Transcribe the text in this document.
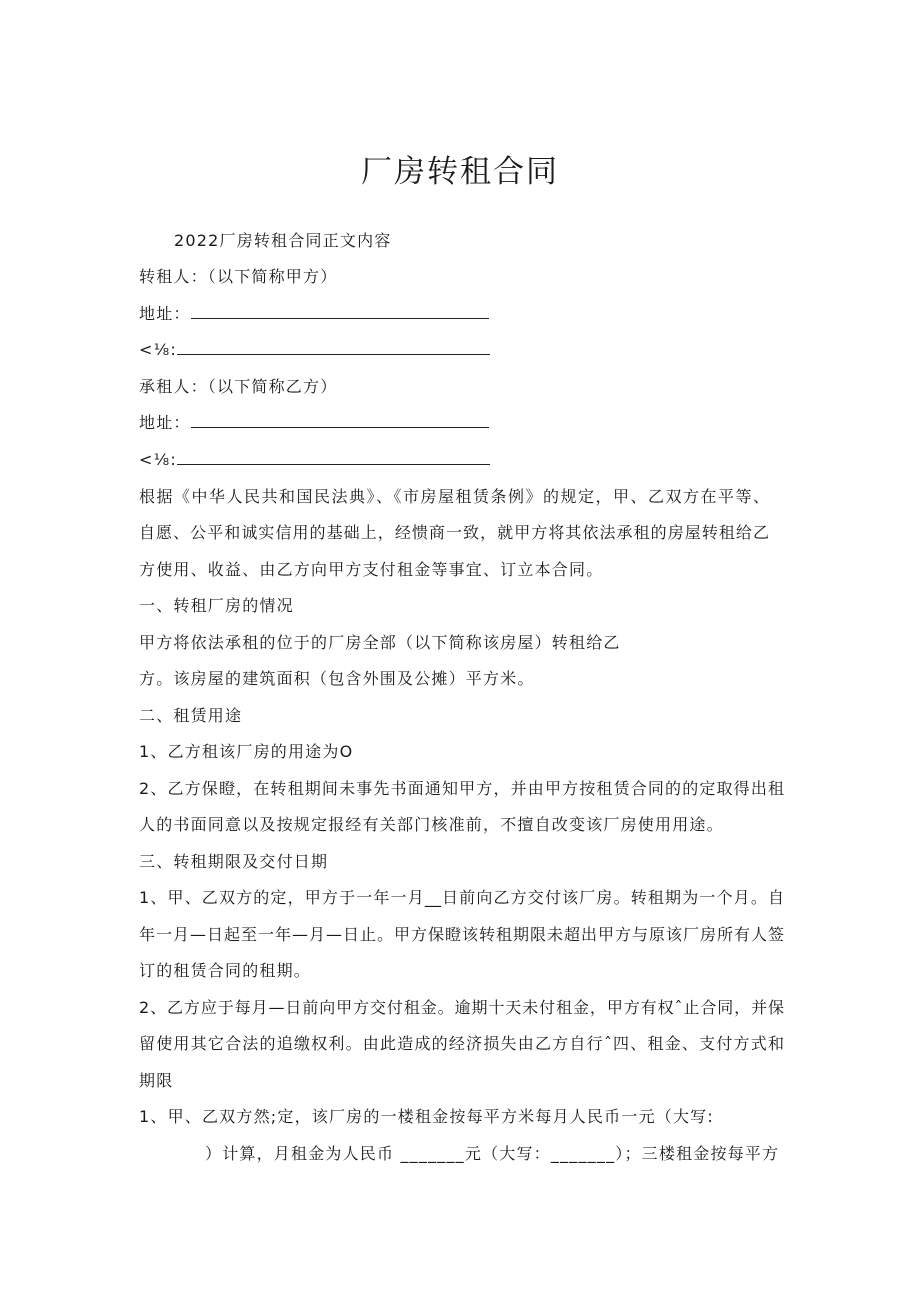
厂房转租合同
2022厂房转租合同正文内容
转租人：（以下简称甲方）
地址：
<⅛:
承租人：（以下简称乙方）
地址：
<⅛:
根据《中华人民共和国民法典》、《市房屋租赁条例》的规定，甲、乙双方在平等、
自愿、公平和诚实信用的基础上，经愦商一致，就甲方将其依法承租的房屋转租给乙
方使用、收益、由乙方向甲方支付租金等事宜、订立本合同。
一、转租厂房的情况
甲方将依法承租的位于的厂房全部（以下简称该房屋）转租给乙
方。该房屋的建筑面积（包含外围及公摊）平方米。
二、租赁用途
1、乙方租该厂房的用途为O
2、乙方保瞪，在转租期间未事先书面通知甲方，并由甲方按租赁合同的的定取得出租
人的书面同意以及按规定报经有关部门核准前，不擅自改变该厂房使用用途。
三、转租期限及交付日期
1、甲、乙双方的定，甲方于一年一月__日前向乙方交付该厂房。转租期为一个月。自
年一月—日起至一年—月—日止。甲方保瞪该转租期限未超出甲方与原该厂房所有人签
订的租赁合同的租期。
2、乙方应于每月—日前向甲方交付租金。逾期十天未付租金，甲方有权ˆ止合同，并保
留使用其它合法的追缴权利。由此造成的经济损失由乙方自行ˆ四、租金、支付方式和
期限
1、甲、乙双方然;定，该厂房的一楼租金按每平方米每月人民币一元（大写:
）计算，月租金为人民币 _______元（大写：_______）；三楼租金按每平方
